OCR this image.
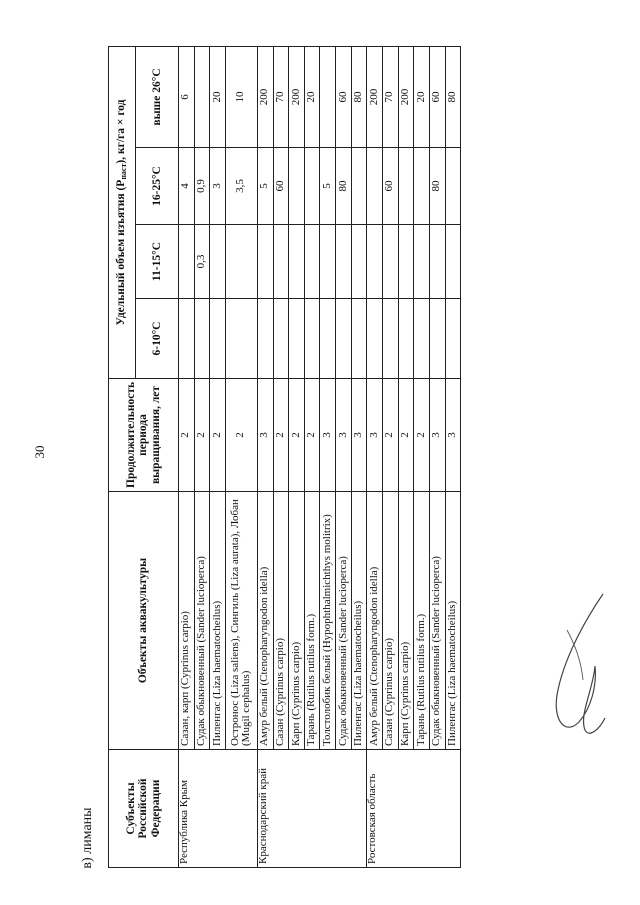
30
в) лиманы	Субъекты Российской Федерации	Объекты аквакультуры	Продолжительность периода выращивания, лет	Удельный объем изъятия $(P_{паст})$, кг/га × год			
			6-10°C	11-15°C	16-25°C	выше 26°C
Республика Крым	Сазан, карп (Cyprinus carpio)	2			4	6
	Судак обыкновенный (Sander lucioperca)	2		0,3	0,9	
	Пиленгас (Liza haematocheilus)	2			3	20
	Остронос (Liza saliens), Сингиль (Liza aurata), Лобан (Mugil cephalus)	2			3,5	10
Краснодарский край	Амур белый (Ctenopharyngodon idella)	3			5	200
	Сазан (Cyprinus carpio)	2			60	70
	Карп (Cyprinus carpio)	2				200
	Тарань (Rutilus rutilus form.)	2				20
	Толстолобик белый (Hypophthalmichthys molitrix)	3			5	
	Судак обыкновенный (Sander lucioperca)	3			80	60
	Пиленгас (Liza haematocheilus)	3				80
Ростовская область	Амур белый (Ctenopharyngodon idella)	3				200
	Сазан (Cyprinus carpio)	2			60	70
	Карп (Cyprinus carpio)	2				200
	Тарань (Rutilus rutilus form.)	2				20
	Судак обыкновенный (Sander lucioperca)	3			80	60
	Пиленгас (Liza haematocheilus)	3				80
